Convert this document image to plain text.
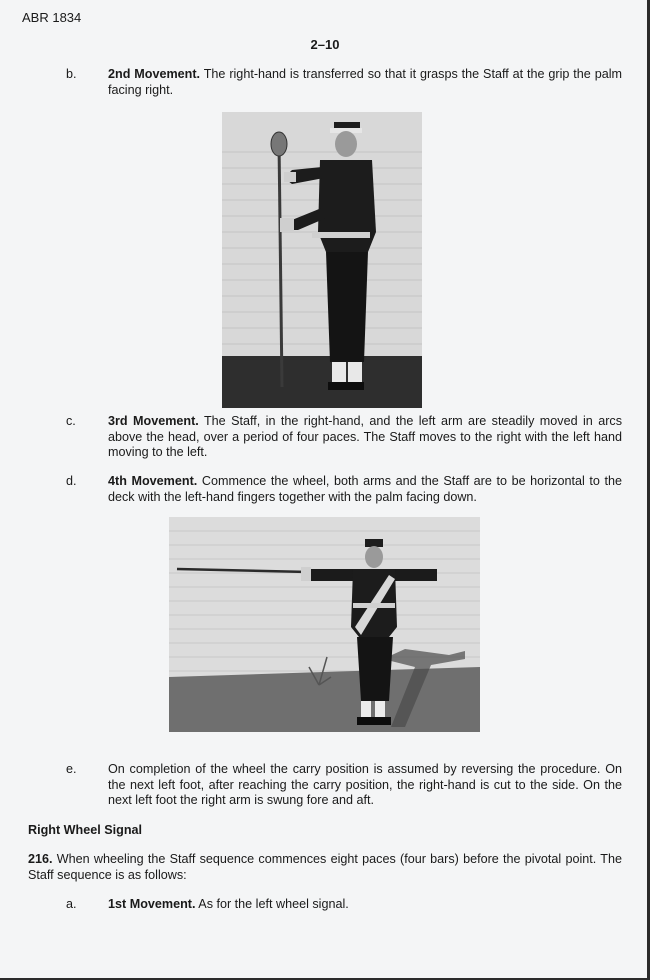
ABR 1834
2–10
b. 2nd Movement. The right-hand is transferred so that it grasps the Staff at the grip the palm facing right.
c.	3rd Movement. The Staff, in the right-hand, and the left arm are steadily moved in arcs above the head, over a period of four paces. The Staff moves to the right with the left hand moving to the left.
d. 4th Movement. Commence the wheel, both arms and the Staff are to be horizontal to the deck with the left-hand fingers together with the palm facing down.
e. On completion of the wheel the carry position is assumed by reversing the procedure. On the next left foot, after reaching the carry position, the right-hand is cut to the side. On the next left foot the right arm is swung fore and aft.
Right Wheel Signal
216. When wheeling the Staff sequence commences eight paces (four bars) before the pivotal point. The Staff sequence is as follows:
a. 1st Movement. As for the left wheel signal.
